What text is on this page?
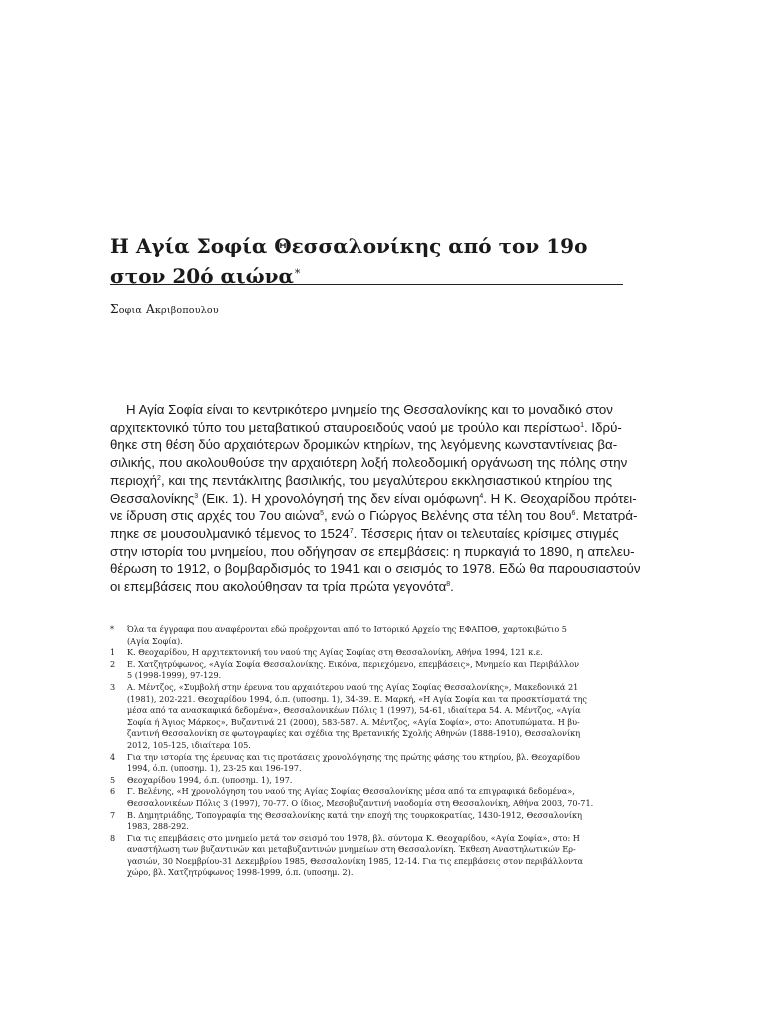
Η Αγία Σοφία Θεσσαλονίκης από τον 19ο
στον 20ό αιώνα*
Σοφια Ακριβοπουλου
Η Αγία Σοφία είναι το κεντρικότερο μνημείο της Θεσσαλονίκης και το μοναδικό στον
αρχιτεκτονικό τύπο του μεταβατικού σταυροειδούς ναού με τρούλο και περίστωο$^1$. Ιδρύ-
θηκε στη θέση δύο αρχαιότερων δρομικών κτηρίων, της λεγόμενης κωνσταντίνειας βα-
σιλικής, που ακολουθούσε την αρχαιότερη λοξή πολεοδομική οργάνωση της πόλης στην
περιοχή$^2$, και της πεντάκλιτης βασιλικής, του μεγαλύτερου εκκλησιαστικού κτηρίου της
Θεσσαλονίκης$^3$ (Εικ. 1). Η χρονολόγησή της δεν είναι ομόφωνη$^4$. Η Κ. Θεοχαρίδου πρότει-
νε ίδρυση στις αρχές του 7ου αιώνα$^5$, ενώ ο Γιώργος Βελένης στα τέλη του $8o\upsilon^6$. Μετατρά-
πηκε σε μουσουλμανικό τέμενος το 1524$^7$. Τέσσερις ήταν οι τελευταίες κρίσιμες στιγμές
στην ιστορία του μνημείου, που οδήγησαν σε επεμβάσεις: η πυρκαγιά το 1890, η απελευ-
θέρωση το 1912, ο βομβαρδισμός το 1941 και ο σεισμός το 1978. Εδώ θα παρουσιαστούν
οι επεμβάσεις που ακολούθησαν τα τρία πρώτα γεγονότα$^8$.
* Όλα τα έγγραφα που αναφέρονται εδώ προέρχονται από το Ιστορικό Αρχείο της ΕΦΑΠΟΘ, χαρτοκιβώτιο 5
(Αγία Σοφία).
1 Κ. Θεοχαρίδου, Η αρχιτεκτονική του ναού της Αγίας Σοφίας στη Θεσσαλονίκη, Αθήνα 1994, 121 κ.ε.
2 Ε. Χατζητρύφωνος, «Αγία Σοφία Θεσσαλονίκης. Εικόνα, περιεχόμενο, επεμβάσεις», Μνημείο και Περιβάλλον
5 (1998-1999), 97-129.
3 Α. Μέντζος, «Συμβολή στην έρευνα του αρχαιότερου ναού της Αγίας Σοφίας Θεσσαλονίκης», Μακεδονικά 21
(1981), 202-221. Θεοχαρίδου 1994, ό.π. (υποσημ. 1), 34-39. Ε. Μαρκή, «Η Αγία Σοφία και τα προσκτίσματά της
μέσα από τα ανασκαφικά δεδομένα», Θεσσαλονικέων Πόλις 1 (1997), 54-61, ιδιαίτερα 54. Α. Μέντζος, «Αγία
Σοφία ή Άγιος Μάρκος», Βυζαντινά 21 (2000), 583-587. Α. Μέντζος, «Αγία Σοφία», στο: Αποτυπώματα. Η βυ-
ζαντινή Θεσσαλονίκη σε φωτογραφίες και σχέδια της Βρετανικής Σχολής Αθηνών (1888-1910), Θεσσαλονίκη
2012, 105-125, ιδιαίτερα 105.
4 Για την ιστορία της έρευνας και τις προτάσεις χρονολόγησης της πρώτης φάσης του κτηρίου, βλ. Θεοχαρίδου
1994, ό.π. (υποσημ. 1), 23-25 και 196-197.
5 Θεοχαρίδου 1994, ό.π. (υποσημ. 1), 197.
6 Γ. Βελένης, «Η χρονολόγηση του ναού της Αγίας Σοφίας Θεσσαλονίκης μέσα από τα επιγραφικά δεδομένα»,
Θεσσαλονικέων Πόλις 3 (1997), 70-77. Ο ίδιος, Μεσοβυζαντινή ναοδομία στη Θεσσαλονίκη, Αθήνα 2003, 70-71.
7 Β. Δημητριάδης, Τοπογραφία της Θεσσαλονίκης κατά την εποχή της τουρκοκρατίας, 1430-1912, Θεσσαλονίκη
1983, 288-292.
8 Για τις επεμβάσεις στο μνημείο μετά τον σεισμό του 1978, βλ. σύντομα Κ. Θεοχαρίδου, «Αγία Σοφία», στο: Η
αναστήλωση των βυζαντινών και μεταβυζαντινών μνημείων στη Θεσσαλονίκη. Έκθεση Αναστηλωτικών Ερ-
γασιών, 30 Νοεμβρίου-31 Δεκεμβρίου 1985, Θεσσαλονίκη 1985, 12-14. Για τις επεμβάσεις στον περιβάλλοντα
χώρο, βλ. Χατζητρύφωνος 1998-1999, ό.π. (υποσημ. 2).
